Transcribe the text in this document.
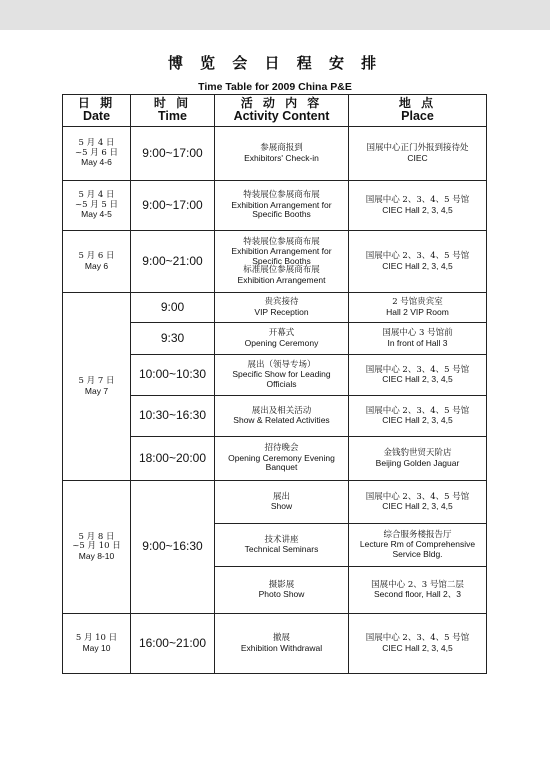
博 览 会 日 程 安 排
Time Table for 2009 China P&E
日 期
Date	时 间
Time	活 动 内 容
Activity Content	地 点
Place

5 月 4 日
~5 月 6 日
May 4-6	9:00~17:00	参展商报到
Exhibitors' Check-in	国展中心正门外报到接待处
CIEC

5 月 4 日
~5 月 5 日
May 4-5	9:00~17:00	特装展位参展商布展
Exhibition Arrangement for Specific Booths	国展中心 2、3、4、5 号馆
CIEC Hall 2, 3, 4,5

5 月 6 日
May 6	9:00~21:00	特装展位参展商布展
Exhibition Arrangement for Specific Booths
标准展位参展商布展
Exhibition Arrangement	国展中心 2、3、4、5 号馆
CIEC Hall 2, 3, 4,5

5 月 7 日
May 7	9:00	贵宾接待
VIP Reception	2 号馆贵宾室
Hall 2 VIP Room

	9:30	开幕式
Opening Ceremony	国展中心 3 号馆前
In front of Hall 3

	10:00~10:30	展出（领导专场）
Specific Show for Leading Officials	国展中心 2、3、4、5 号馆
CIEC Hall 2, 3, 4,5

	10:30~16:30	展出及相关活动
Show & Related Activities	国展中心 2、3、4、5 号馆
CIEC Hall 2, 3, 4,5

	18:00~20:00	招待晚会
Opening Ceremony Evening Banquet	金钱豹世贸天阶店
Beijing Golden Jaguar

5 月 8 日
~5 月 10 日
May 8-10	9:00~16:30	展出
Show	国展中心 2、3、4、5 号馆
CIEC Hall 2, 3, 4,5

		技术讲座
Technical Seminars	综合服务楼报告厅
Lecture Rm of Comprehensive Service Bldg.

		摄影展
Photo Show	国展中心 2、3 号馆二层
Second floor, Hall 2、3

5 月 10 日
May 10	16:00~21:00	撤展
Exhibition Withdrawal	国展中心 2、3、4、5 号馆
CIEC Hall 2, 3, 4,5
